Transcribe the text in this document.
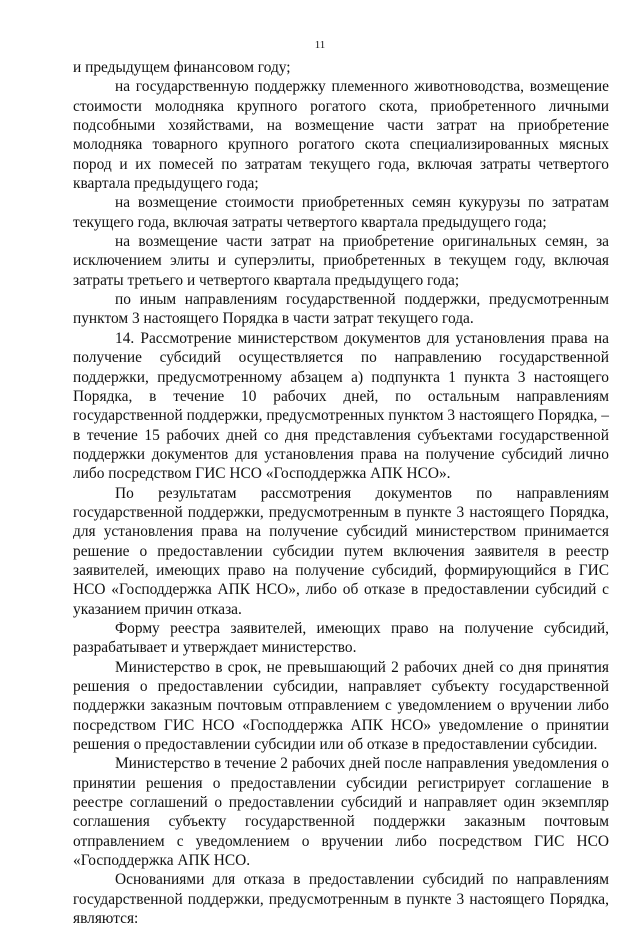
11

и предыдущем финансовом году;

на государственную поддержку племенного животноводства, возмещение стоимости молодняка крупного рогатого скота, приобретенного личными подсобными хозяйствами, на возмещение части затрат на приобретение молодняка товарного крупного рогатого скота специализированных мясных пород и их помесей по затратам текущего года, включая затраты четвертого квартала предыдущего года;

на возмещение стоимости приобретенных семян кукурузы по затратам текущего года, включая затраты четвертого квартала предыдущего года;

на возмещение части затрат на приобретение оригинальных семян, за исключением элиты и суперэлиты, приобретенных в текущем году, включая затраты третьего и четвертого квартала предыдущего года;

по иным направлениям государственной поддержки, предусмотренным пунктом 3 настоящего Порядка в части затрат текущего года.

14. Рассмотрение министерством документов для установления права на получение субсидий осуществляется по направлению государственной поддержки, предусмотренному абзацем а) подпункта 1 пункта 3 настоящего Порядка, в течение 10 рабочих дней, по остальным направлениям государственной поддержки, предусмотренных пунктом 3 настоящего Порядка, – в течение 15 рабочих дней со дня представления субъектами государственной поддержки документов для установления права на получение субсидий лично либо посредством ГИС НСО «Господдержка АПК НСО».

По результатам рассмотрения документов по направлениям государственной поддержки, предусмотренным в пункте 3 настоящего Порядка, для установления права на получение субсидий министерством принимается решение о предоставлении субсидии путем включения заявителя в реестр заявителей, имеющих право на получение субсидий, формирующийся в ГИС НСО «Господдержка АПК НСО», либо об отказе в предоставлении субсидий с указанием причин отказа.

Форму реестра заявителей, имеющих право на получение субсидий, разрабатывает и утверждает министерство.

Министерство в срок, не превышающий 2 рабочих дней со дня принятия решения о предоставлении субсидии, направляет субъекту государственной поддержки заказным почтовым отправлением с уведомлением о вручении либо посредством ГИС НСО «Господдержка АПК НСО» уведомление о принятии решения о предоставлении субсидии или об отказе в предоставлении субсидии.

Министерство в течение 2 рабочих дней после направления уведомления о принятии решения о предоставлении субсидии регистрирует соглашение в реестре соглашений о предоставлении субсидий и направляет один экземпляр соглашения субъекту государственной поддержки заказным почтовым отправлением с уведомлением о вручении либо посредством ГИС НСО «Господдержка АПК НСО.

Основаниями для отказа в предоставлении субсидий по направлениям государственной поддержки, предусмотренным в пункте 3 настоящего Порядка, являются:
